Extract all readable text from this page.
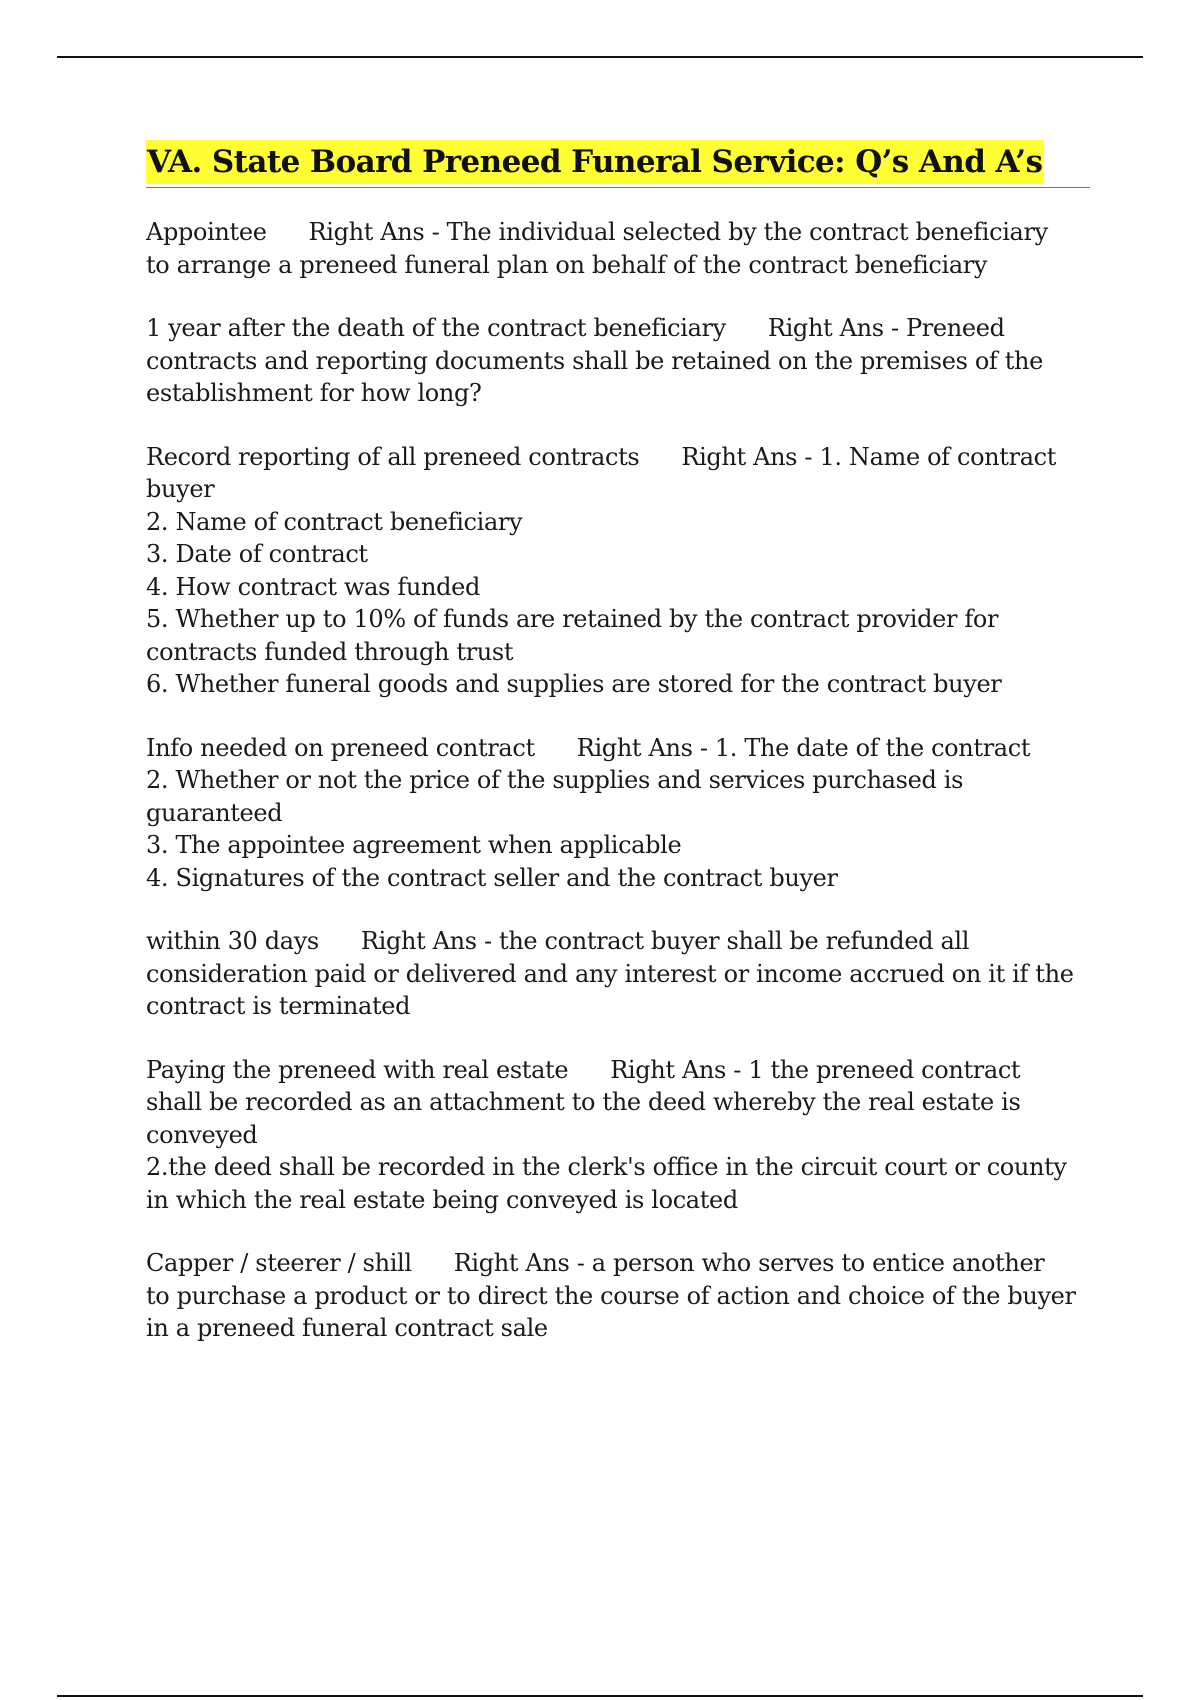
VA. State Board Preneed Funeral Service: Q’s And A’s
Appointee Right Ans - The individual selected by the contract beneficiary
to arrange a preneed funeral plan on behalf of the contract beneficiary
1 year after the death of the contract beneficiary Right Ans - Preneed
contracts and reporting documents shall be retained on the premises of the
establishment for how long?
Record reporting of all preneed contracts Right Ans - 1. Name of contract
buyer
2. Name of contract beneficiary
3. Date of contract
4. How contract was funded
5. Whether up to 10% of funds are retained by the contract provider for
contracts funded through trust
6. Whether funeral goods and supplies are stored for the contract buyer
Info needed on preneed contract Right Ans - 1. The date of the contract
2. Whether or not the price of the supplies and services purchased is
guaranteed
3. The appointee agreement when applicable
4. Signatures of the contract seller and the contract buyer
within 30 days Right Ans - the contract buyer shall be refunded all
consideration paid or delivered and any interest or income accrued on it if the
contract is terminated
Paying the preneed with real estate Right Ans - 1 the preneed contract
shall be recorded as an attachment to the deed whereby the real estate is
conveyed
2.the deed shall be recorded in the clerk's office in the circuit court or county
in which the real estate being conveyed is located
Capper / steerer / shill Right Ans - a person who serves to entice another
to purchase a product or to direct the course of action and choice of the buyer
in a preneed funeral contract sale
